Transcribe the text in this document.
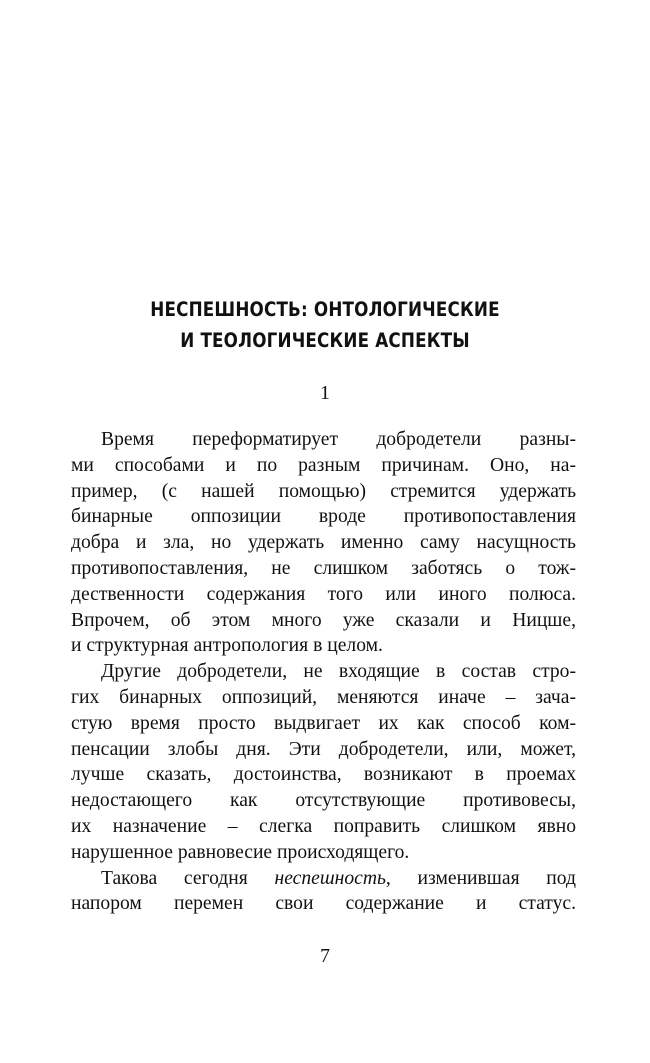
НЕСПЕШНОСТЬ: ОНТОЛОГИЧЕСКИЕ
И ТЕОЛОГИЧЕСКИЕ АСПЕКТЫ
1
Время переформатирует добродетели разны-
ми способами и по разным причинам. Оно, на-
пример, (с нашей помощью) стремится удержать
бинарные оппозиции вроде противопоставления
добра и зла, но удержать именно саму насущность
противопоставления, не слишком заботясь о тож-
дественности содержания того или иного полюса.
Впрочем, об этом много уже сказали и Ницше,
и структурная антропология в целом.
Другие добродетели, не входящие в состав стро-
гих бинарных оппозиций, меняются иначе – зача-
стую время просто выдвигает их как способ ком-
пенсации злобы дня. Эти добродетели, или, может,
лучше сказать, достоинства, возникают в проемах
недостающего как отсутствующие противовесы,
их назначение – слегка поправить слишком явно
нарушенное равновесие происходящего.
Такова сегодня неспешность, изменившая под
напором перемен свои содержание и статус.
7
